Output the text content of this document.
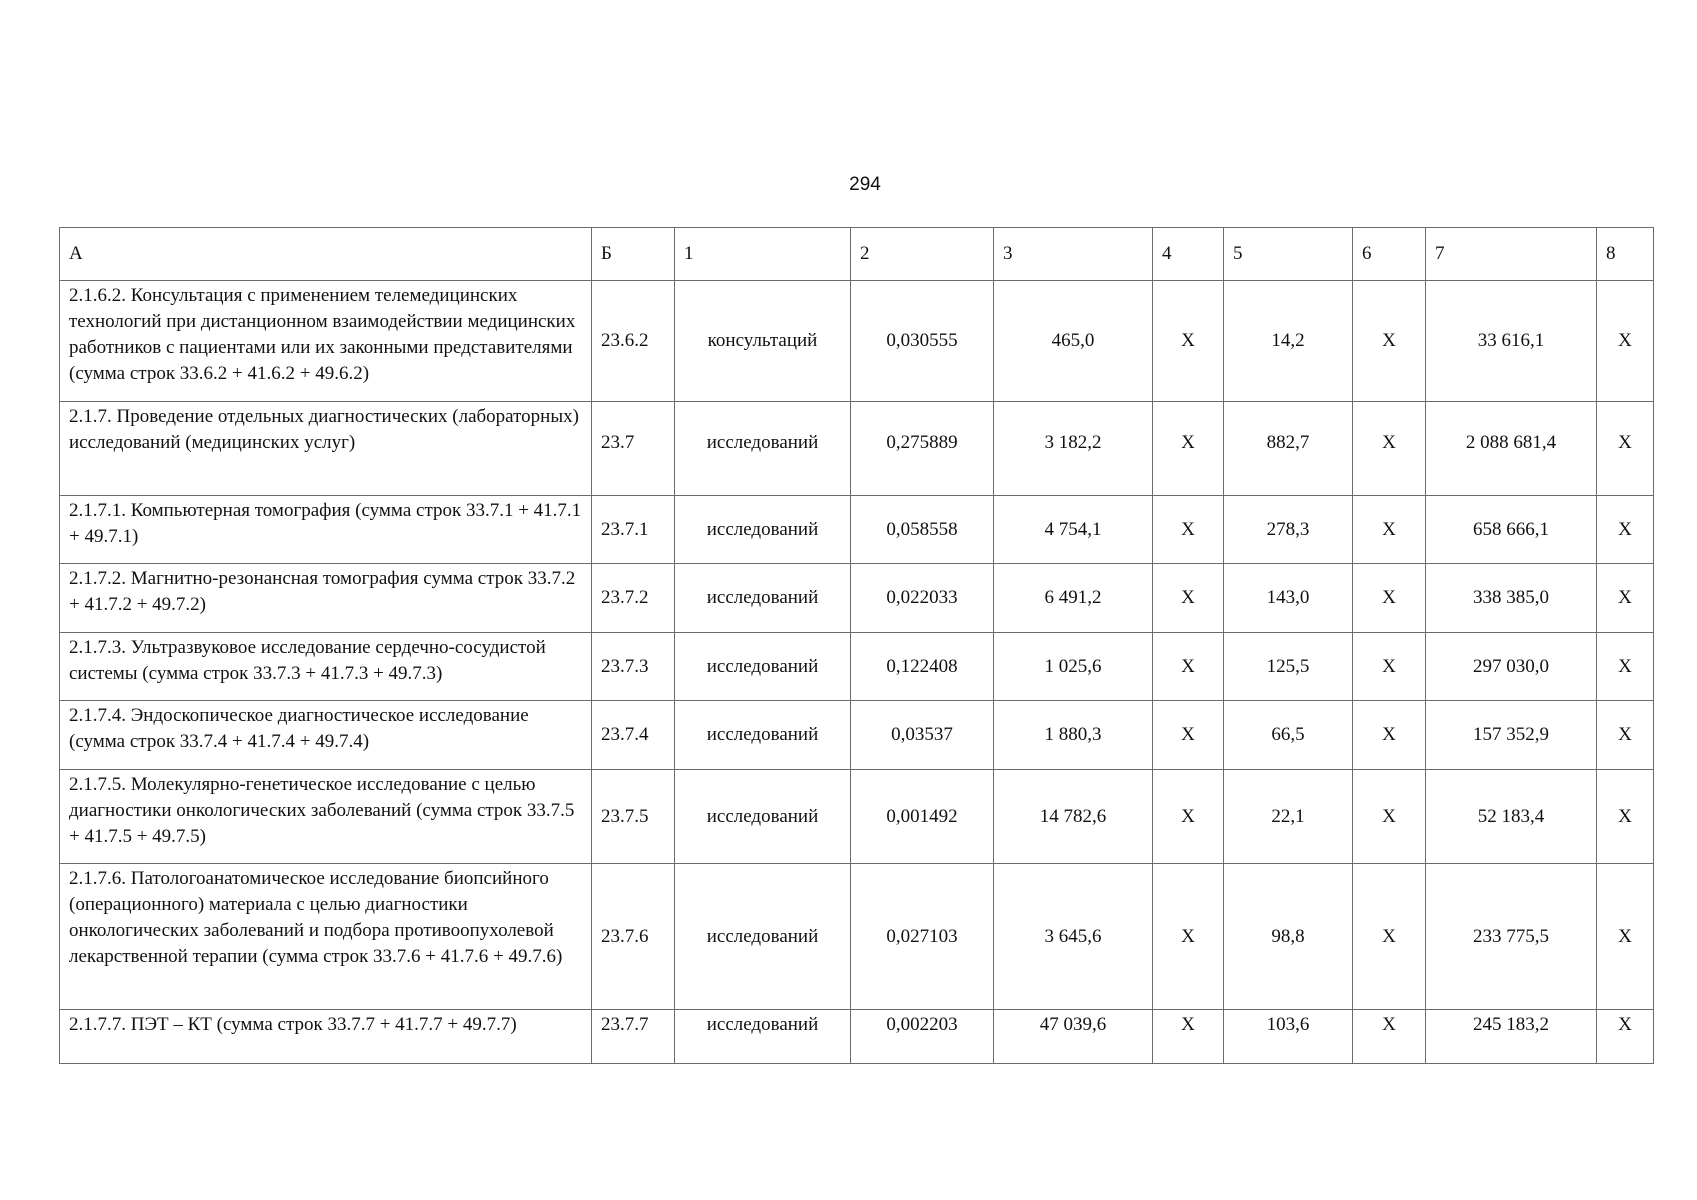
294
А	Б	1	2	3	4	5	6	7	8
2.1.6.2. Консультация с применением телемедицинских технологий при дистанционном взаимодействии медицинских работников с пациентами или их законными представителями (сумма строк 33.6.2 + 41.6.2 + 49.6.2)	23.6.2	консультаций	0,030555	465,0	Х	14,2	Х	33 616,1	Х
2.1.7. Проведение отдельных диагностических (лабораторных) исследований (медицинских услуг)	23.7	исследований	0,275889	3 182,2	Х	882,7	Х	2 088 681,4	Х
2.1.7.1. Компьютерная томография (сумма строк 33.7.1 + 41.7.1 + 49.7.1)	23.7.1	исследований	0,058558	4 754,1	Х	278,3	Х	658 666,1	Х
2.1.7.2. Магнитно-резонансная томография сумма строк 33.7.2 + 41.7.2 + 49.7.2)	23.7.2	исследований	0,022033	6 491,2	Х	143,0	Х	338 385,0	Х
2.1.7.3. Ультразвуковое исследование сердечно-сосудистой системы (сумма строк 33.7.3 + 41.7.3 + 49.7.3)	23.7.3	исследований	0,122408	1 025,6	Х	125,5	Х	297 030,0	Х
2.1.7.4. Эндоскопическое диагностическое исследование (сумма строк 33.7.4 + 41.7.4 + 49.7.4)	23.7.4	исследований	0,03537	1 880,3	Х	66,5	Х	157 352,9	Х
2.1.7.5. Молекулярно-генетическое исследование с целью диагностики онкологических заболеваний (сумма строк 33.7.5 + 41.7.5 + 49.7.5)	23.7.5	исследований	0,001492	14 782,6	Х	22,1	Х	52 183,4	Х
2.1.7.6. Патологоанатомическое исследование биопсийного (операционного) материала с целью диагностики онкологических заболеваний и подбора противоопухолевой лекарственной терапии (сумма строк 33.7.6 + 41.7.6 + 49.7.6)	23.7.6	исследований	0,027103	3 645,6	Х	98,8	Х	233 775,5	Х
2.1.7.7. ПЭТ – КТ (сумма строк 33.7.7 + 41.7.7 + 49.7.7)	23.7.7	исследований	0,002203	47 039,6	Х	103,6	Х	245 183,2	Х
